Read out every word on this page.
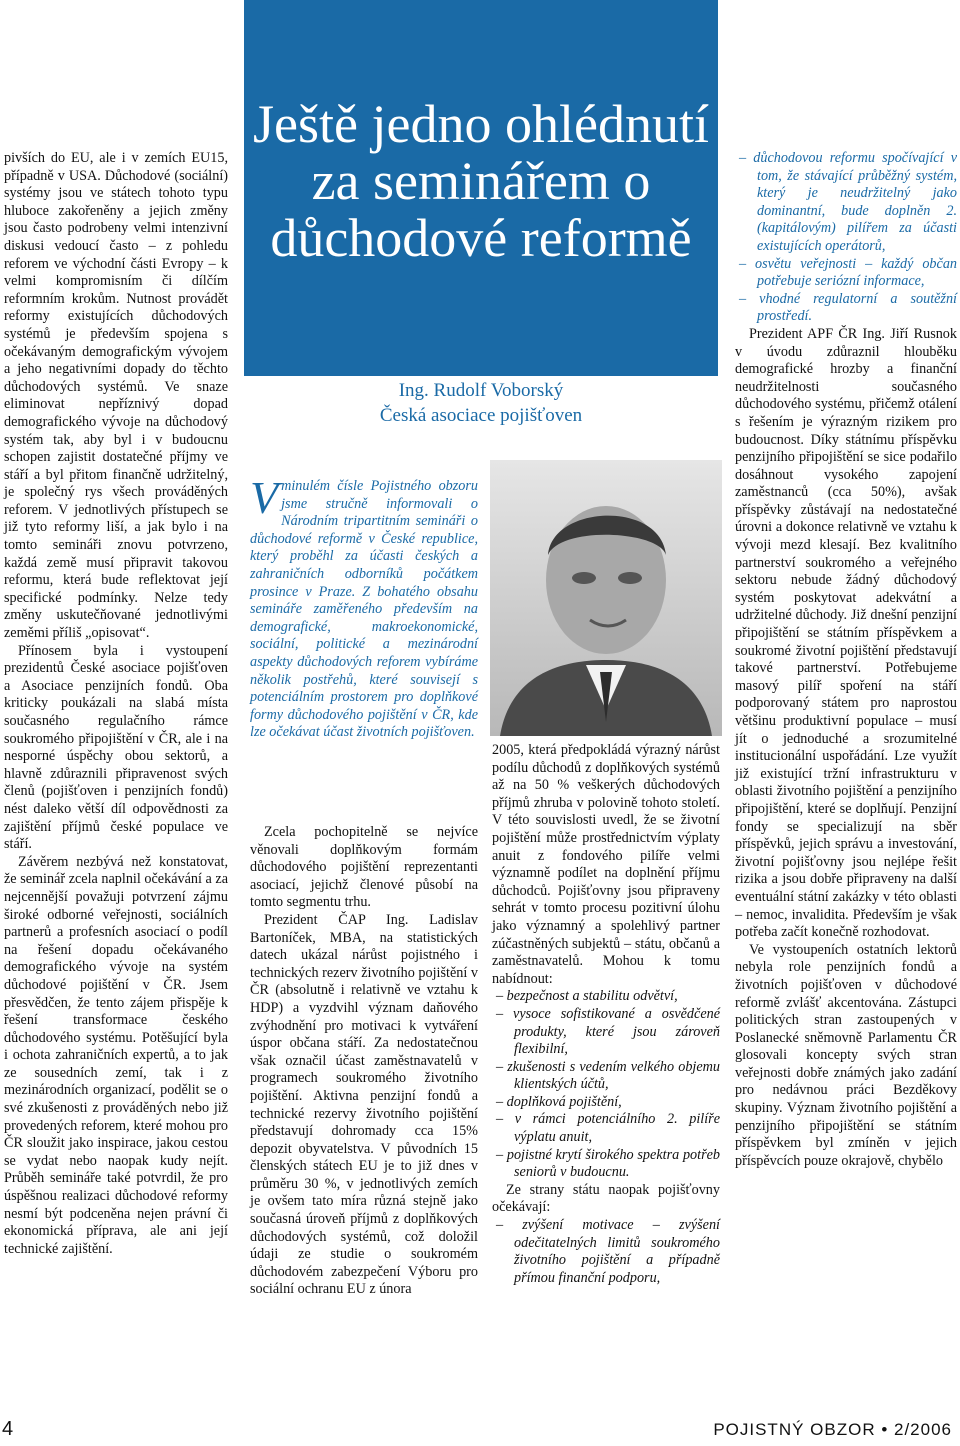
pivších do EU, ale i v zemích EU15, případně v USA. Důchodové (sociální) systémy jsou ve státech tohoto typu hluboce zakořeněny a jejich změny jsou často podrobeny velmi intenzivní diskusi vedoucí často – z pohledu reforem ve východní části Evropy – k velmi kompromisním či dílčím reformním krokům. Nutnost provádět reformy existujících důchodových systémů je především spojena s očekávaným demografickým vývojem a jeho negativními dopady do těchto důchodových systémů. Ve snaze eliminovat nepříznivý dopad demografického vývoje na důchodový systém tak, aby byl i v budoucnu schopen zajistit dostatečné příjmy ve stáří a byl přitom finančně udržitelný, je společný rys všech prováděných reforem. V jednotlivých přístupech se již tyto reformy liší, a jak bylo i na tomto semináři znovu potvrzeno, každá země musí připravit takovou reformu, která bude reflektovat její specifické podmínky. Nelze tedy změny uskutečňované jednotlivými zeměmi příliš „opisovat“.

Přínosem byla i vystoupení prezidentů České asociace pojišťoven a Asociace penzijních fondů. Oba kriticky poukázali na slabá místa současného regulačního rámce soukromého připojištění v ČR, ale i na nesporné úspěchy obou sektorů, a hlavně zdůraznili připravenost svých členů (pojišťoven i penzijních fondů) nést daleko větší díl odpovědnosti za zajištění příjmů české populace ve stáří.

Závěrem nezbývá než konstatovat, že seminář zcela naplnil očekávání a za nejcennější považuji potvrzení zájmu široké odborné veřejnosti, sociálních partnerů a profesních asociací o podíl na řešení dopadu očekávaného demografického vývoje na systém důchodové pojištění v ČR. Jsem přesvědčen, že tento zájem přispěje k řešení transformace českého důchodového systému. Potěšující byla i ochota zahraničních expertů, a to jak ze sousedních zemí, tak i z mezinárodních organizací, podělit se o své zkušenosti z prováděných nebo již provedených reforem, které mohou pro ČR sloužit jako inspirace, jakou cestou se vydat nebo naopak kudy nejít. Průběh semináře také potvrdil, že pro úspěšnou realizaci důchodové reformy nesmí být podceněna nejen právní či ekonomická příprava, ale ani její technické zajištění.

Ještě jedno ohlédnutí za seminářem o důchodové reformě
Ing. Rudolf Voborský
Česká asociace pojišťoven
V minulém čísle Pojistného obzoru jsme stručně informovali o Národním tripartitním semináři o důchodové reformě v České republice, který proběhl za účasti českých a zahraničních odborníků počátkem prosince v Praze. Z bohatého obsahu semináře zaměřeného především na demografické, makroekonomické, sociální, politické a mezinárodní aspekty důchodových reforem vybíráme několik postřehů, které souvisejí s potenciálním prostorem pro doplňkové formy důchodového pojištění v ČR, kde lze očekávat účast životních pojišťoven.

Zcela pochopitelně se nejvíce věnovali doplňkovým formám důchodového pojištění reprezentanti asociací, jejichž členové působí na tomto segmentu trhu.

Prezident ČAP Ing. Ladislav Bartoníček, MBA, na statistických datech ukázal nárůst pojistného i technických rezerv životního pojištění v ČR (absolutně i relativně ve vztahu k HDP) a vyzdvihl význam daňového zvýhodnění pro motivaci k vytváření úspor občana stáří. Za nedostatečnou však označil účast zaměstnavatelů v programech soukromého životního pojištění. Aktivna penzijní fondů a technické rezervy životního pojištění představují dohromady cca 15% depozit obyvatelstva. V původních 15 členských státech EU je to již dnes v průměru 30 %, v jednotlivých zemích je ovšem tato míra různá stejně jako současná úroveň příjmů z doplňkových důchodových systémů, což doložil údaji ze studie o soukromém důchodovém zabezpečení Výboru pro sociální ochranu EU z února

2005, která předpokládá výrazný nárůst podílu důchodů z doplňkových systémů až na 50 % veškerých důchodových příjmů zhruba v polovině tohoto století. V této souvislosti uvedl, že se životní pojištění může prostřednictvím výplaty anuit z fondového pilíře velmi významně podílet na doplnění příjmu důchodců. Pojišťovny jsou připraveny sehrát v tomto procesu pozitivní úlohu jako významný a spolehlivý partner zúčastněných subjektů – státu, občanů a zaměstnavatelů. Mohou k tomu nabídnout:

– bezpečnost a stabilitu odvětví,
– vysoce sofistikované a osvědčené produkty, které jsou zároveň flexibilní,
– zkušenosti s vedením velkého objemu klientských účtů,
– doplňková pojištění,
– v rámci potenciálního 2. pilíře výplatu anuit,
– pojistné krytí širokého spektra potřeb seniorů v budoucnu.

Ze strany státu naopak pojišťovny očekávají:

– zvýšení motivace – zvýšení odečitatelných limitů soukromého životního pojištění a případně přímou finanční podporu,
– důchodovou reformu spočívající v tom, že stávající průběžný systém, který je neudržitelný jako dominantní, bude doplněn 2. (kapitálovým) pilířem za účasti existujících operátorů,
– osvětu veřejnosti – každý občan potřebuje seriózní informace,
– vhodné regulatorní a soutěžní prostředí.

Prezident APF ČR Ing. Jiří Rusnok v úvodu zdůraznil hlouběku demografické hrozby a finanční neudržitelnosti současného důchodového systému, přičemž otálení s řešením je výrazným rizikem pro budoucnost. Díky státnímu příspěvku penzijního připojištění se sice podařilo dosáhnout vysokého zapojení zaměstnanců (cca 50%), avšak příspěvky zůstávají na nedostatečné úrovni a dokonce relativně ve vztahu k vývoji mezd klesají. Bez kvalitního partnerství soukromého a veřejného sektoru nebude žádný důchodový systém poskytovat adekvátní a udržitelné důchody. Již dnešní penzijní připojištění se státním příspěvkem a soukromé životní pojištění představují takové partnerství. Potřebujeme masový pilíř spoření na stáří podporovaný státem pro naprostou většinu produktivní populace – musí jít o jednoduché a srozumitelné institucionální uspořádání. Lze využít již existující tržní infrastrukturu v oblasti životního pojištění a penzijního připojištění, které se doplňují. Penzijní fondy se specializují na sběr příspěvků, jejich správu a investování, životní pojišťovny jsou nejlépe řešit rizika a jsou dobře připraveny na další eventuální státní zakázky v této oblasti – nemoc, invalidita. Především je však potřeba začít konečně rozhodovat.

Ve vystoupeních ostatních lektorů nebyla role penzijních fondů a životních pojišťoven v důchodové reformě zvlášť akcentována. Zástupci politických stran zastoupených v Poslanecké sněmovně Parlamentu ČR glosovali koncepty svých stran veřejnosti dobře známých jako zadání pro nedávnou práci Bezděkovy skupiny. Význam životního pojištění a penzijního připojištění se státním příspěvkem byl zmíněn v jejich příspěvcích pouze okrajově, chybělo

4	POJISTNÝ OBZOR • 2/2006
